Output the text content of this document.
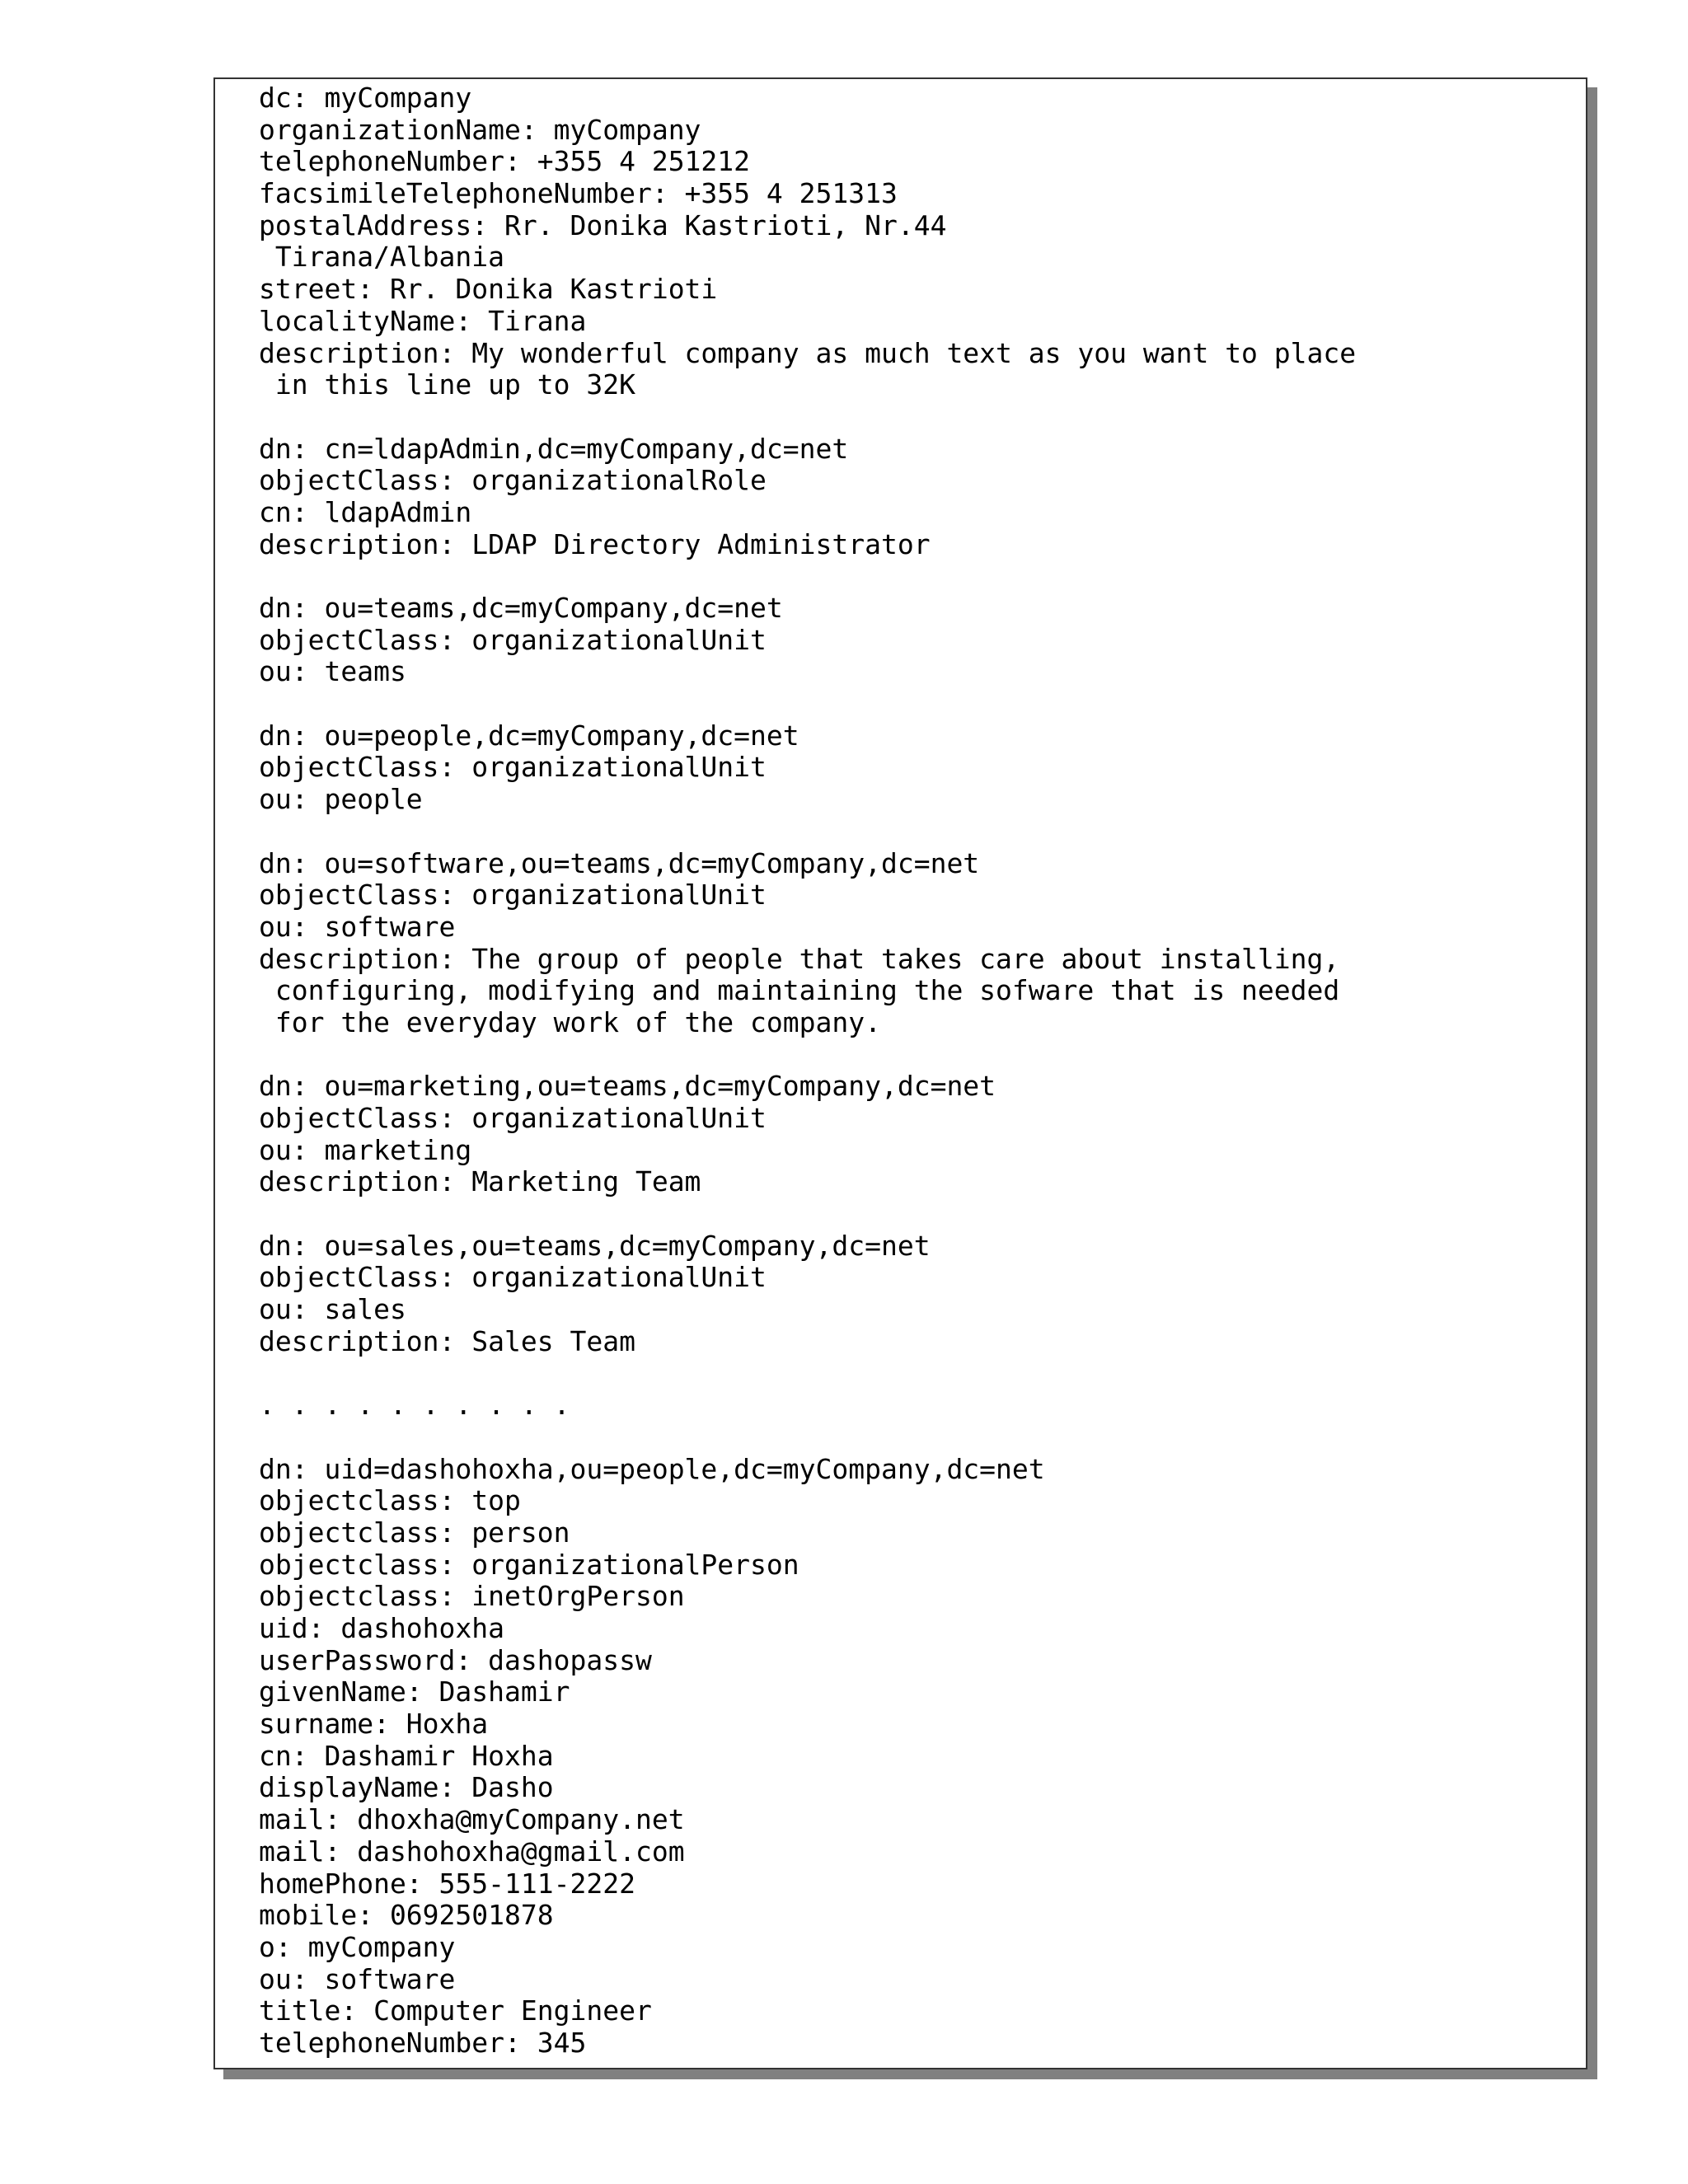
dc: myCompany
organizationName: myCompany
telephoneNumber: +355 4 251212
facsimileTelephoneNumber: +355 4 251313
postalAddress: Rr. Donika Kastrioti, Nr.44
Tirana/Albania
street: Rr. Donika Kastrioti
localityName: Tirana
description: My wonderful company as much text as you want to place
in this line up to 32K
dn: cn=ldapAdmin,dc=myCompany,dc=net
objectClass: organizationalRole
cn: ldapAdmin
description: LDAP Directory Administrator
dn: ou=teams,dc=myCompany,dc=net
objectClass: organizationalUnit
ou: teams
dn: ou=people,dc=myCompany,dc=net
objectClass: organizationalUnit
ou: people
dn: ou=software,ou=teams,dc=myCompany,dc=net
objectClass: organizationalUnit
ou: software
description: The group of people that takes care about installing,
configuring, modifying and maintaining the sofware that is needed
for the everyday work of the company.
dn: ou=marketing,ou=teams,dc=myCompany,dc=net
objectClass: organizationalUnit
ou: marketing
description: Marketing Team
dn: ou=sales,ou=teams,dc=myCompany,dc=net
objectClass: organizationalUnit
ou: sales
description: Sales Team
. . . . . . . . . .
dn: uid=dashohoxha,ou=people,dc=myCompany,dc=net
objectclass: top
objectclass: person
objectclass: organizationalPerson
objectclass: inetOrgPerson
uid: dashohoxha
userPassword: dashopassw
givenName: Dashamir
surname: Hoxha
cn: Dashamir Hoxha
displayName: Dasho
mail: dhoxha@myCompany.net
mail: dashohoxha@gmail.com
homePhone: 555-111-2222
mobile: 0692501878
o: myCompany
ou: software
title: Computer Engineer
telephoneNumber: 345
